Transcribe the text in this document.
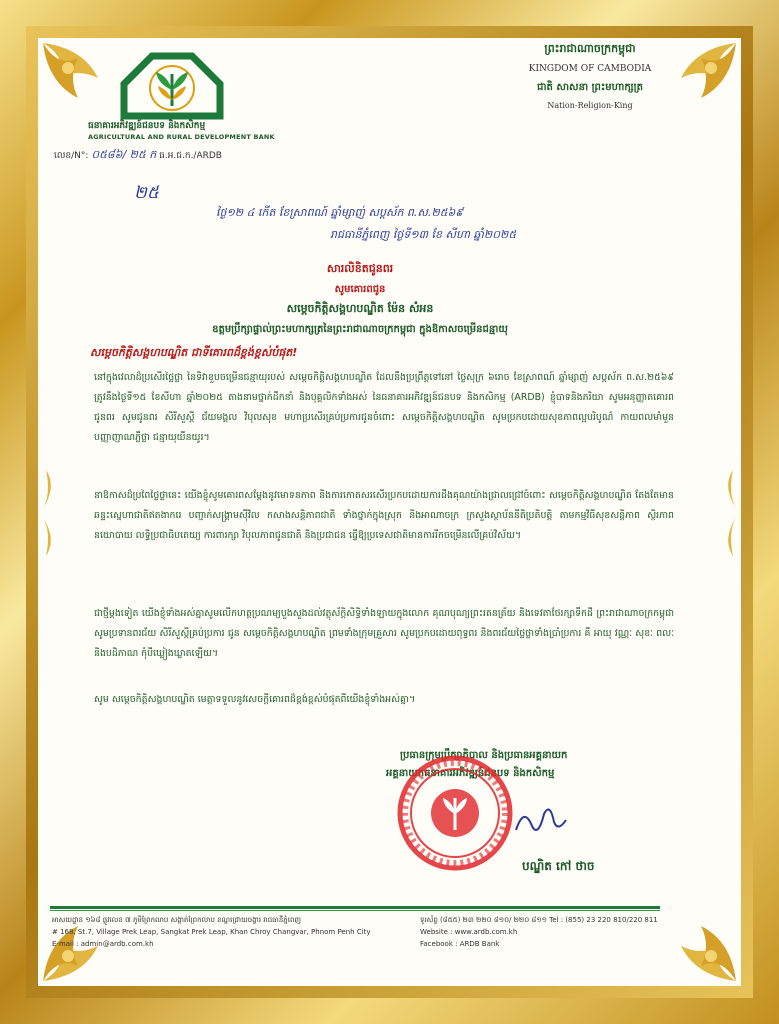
ធនាគារអភិវឌ្ឍន៍ជនបទ និងកសិកម្ម
AGRICULTURAL AND RURAL DEVELOPMENT BANK
លេខ/N°: ០៥៨៦/ ២៥ ក ធ.អ.ជ.ក./ARDB
២៥
ព្រះរាជាណាចក្រកម្ពុជា
KINGDOM OF CAMBODIA
ជាតិ សាសនា ព្រះមហាក្សត្រ
Nation-Religion-King
ថ្ងៃ១២ ៤ កើត ខែស្រាពណ៍ ឆ្នាំម្សាញ់ សប្តស័ក ព.ស.២៥៦៩
រាជធានីភ្នំពេញ ថ្ងៃទី១៣ ខែ សីហា ឆ្នាំ២០២៥
សារលិខិតជូនពរ
សូមគោរពជូន
សម្តេចកិត្តិសង្គហបណ្ឌិត ម៉ែន សំអន
ឧត្តមប្រឹក្សាផ្ទាល់ព្រះមហាក្សត្រនៃព្រះរាជាណាចក្រកម្ពុជា ក្នុងឱកាសចម្រើនជន្មាយុ
សម្តេចកិត្តិសង្គហបណ្ឌិត ជាទីគោរពដ៏ខ្ពង់ខ្ពស់បំផុត!
នៅក្នុងវេលាដ៏ប្រសើរថ្លៃថ្លា នៃទិវាខួបចម្រើនជន្មាយុរបស់ សម្តេចកិត្តិសង្គហបណ្ឌិត ដែលនឹងប្រព្រឹត្តទៅនៅ ថ្ងៃសុក្រ ៦រោច ខែស្រាពណ៍ ឆ្នាំម្សាញ់ សប្តស័ក ព.ស.២៥៦៩ ត្រូវនឹងថ្ងៃទី១៥ ខែសីហា ឆ្នាំ២០២៥ តាងនាមថ្នាក់ដឹកនាំ និងបុគ្គលិកទាំងអស់ នៃធនាគារអភិវឌ្ឍន៍ជនបទ និងកសិកម្ម (ARDB) ខ្ញុំបាទនិងភរិយា សូមអនុញ្ញាតគោរពជូនពរ សូមជូនពរ សិរីសួស្តី ជ័យមង្គល វិបុលសុខ មហាប្រសើរគ្រប់ប្រការជូនចំពោះ សម្តេចកិត្តិសង្គហបណ្ឌិត សូមប្រកបដោយសុខភាពល្អបរិបូណ៌ កាយពលមាំមួន បញ្ញាញាណភ្លឺថ្លា ជន្មាយុយឺនយូរ។
នាឱកាសដ៏ប្រពៃថ្លៃថ្លានេះ យើងខ្ញុំសូមគោរពសម្តែងនូវមោទនភាព និងការកោតសរសើរប្រកបដោយការដឹងគុណយ៉ាងជ្រាលជ្រៅចំពោះ សម្តេចកិត្តិសង្គហបណ្ឌិត តែងតែមានឆន្ទះស្នេហាជាតិឥតងាករេ បញ្ជាក់សង្គ្រាមស៊ីវិល កសាងសន្តិភាពជាតិ ទាំងថ្នាក់ក្នុងស្រុក និងអាណាចក្រ ក្រសួងស្ថាប័ននីតិប្រតិបត្តិ តាមកម្មវិធីសុខសន្តិភាព ស្ថិរភាពនយោបាយ លទ្ធិប្រជាធិបតេយ្យ ការពារក្សា វិបុលភាពជូនជាតិ និងប្រជាជន ធ្វើឱ្យប្រទេសជាតិមានការរីកចម្រើនលើគ្រប់វិស័យ។
ជាថ្មីម្តងទៀត យើងខ្ញុំទាំងអស់គ្នាសូមលើកហត្ថប្រណម្យបួងសួងដល់វត្ថុស័ក្តិសិទ្ធិទាំងឡាយក្នុងលោក គុណបុណ្យព្រះរតនត្រ័យ និងទេវតាថែរក្សាទឹកដី ព្រះរាជាណាចក្រកម្ពុជា សូមប្រទានពរជ័យ សិរីសួស្តីគ្រប់ប្រការ ជូន សម្តេចកិត្តិសង្គហបណ្ឌិត ព្រមទាំងក្រុមគ្រួសារ សូមប្រកបដោយពុទ្ធពរ និងពរជ័យថ្លៃថ្លាទាំងប្រាំប្រការ គឺ អាយុ វណ្ណៈ សុខៈ ពលៈ និងបដិភាណ កុំបីឃ្លៀងឃ្លាតឡើយ។
សូម សម្តេចកិត្តិសង្គហបណ្ឌិត មេត្តាទទួលនូវសេចក្តីគោរពដ៏ខ្ពង់ខ្ពស់បំផុតពីយើងខ្ញុំទាំងអស់គ្នា។
ប្រធានក្រុមប្រឹក្សាភិបាល និងប្រធានអគ្គនាយក
អគ្គនាយកធនាគារអភិវឌ្ឍន៍ជនបទ និងកសិកម្ម
បណ្ឌិត កៅ ថាច
អាសយដ្ឋាន ១៦៨ ផ្លូវលេខ ៧ ភូមិព្រែកលាប សង្កាត់ព្រែកលាប ខណ្ឌជ្រោយចង្វារ រាជធានីភ្នំពេញ
# 168, St.7, Village Prek Leap, Sangkat Prek Leap, Khan Chroy Changvar, Phnom Penh City
E-mail : admin@ardb.com.kh
ទូរស័ព្ទ (៨៥៥) ២៣ ២២០ ៨១០/ ២២០ ៨១១ Tel : (855) 23 220 810/220 811
Website : www.ardb.com.kh
Facebook : ARDB Bank
